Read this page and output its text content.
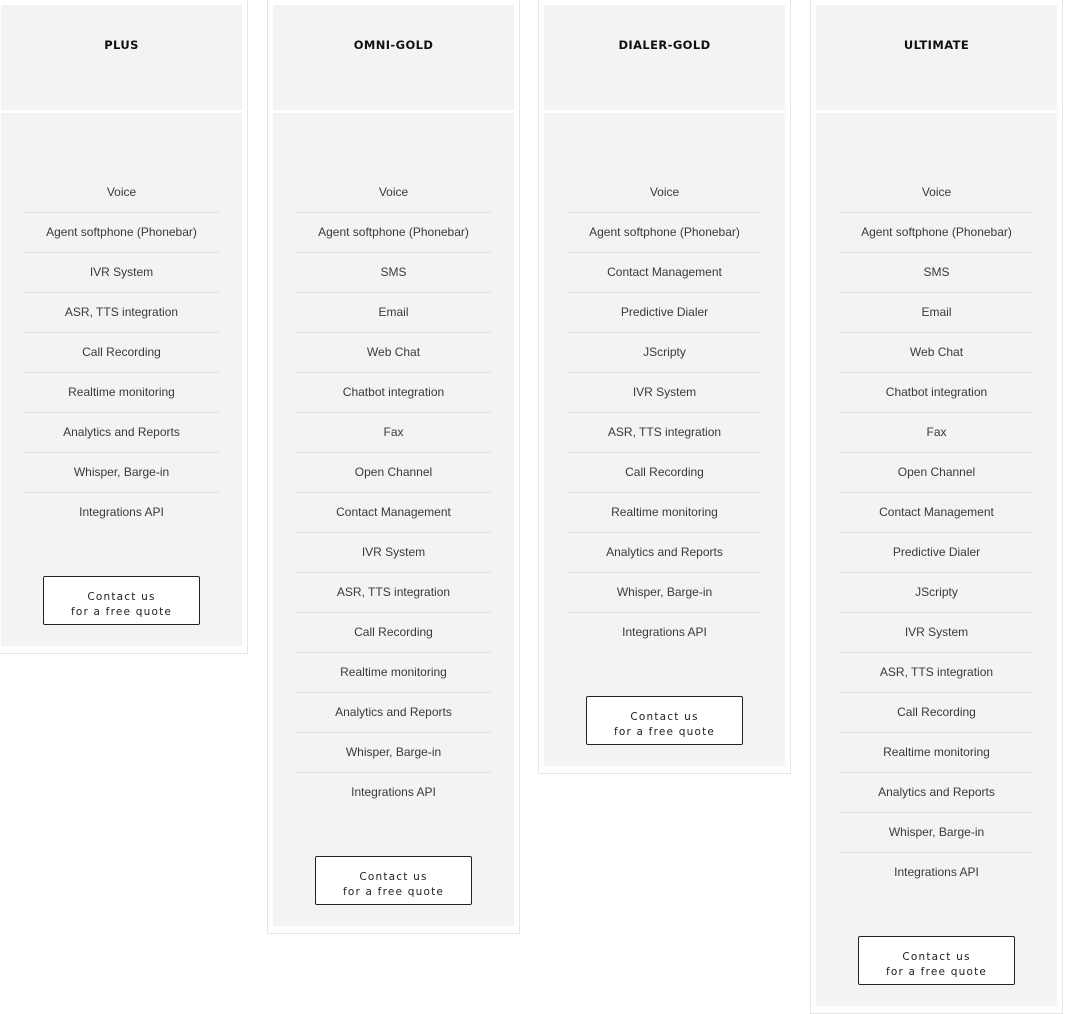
PLUS
Voice
Agent softphone (Phonebar)
IVR System
ASR, TTS integration
Call Recording
Realtime monitoring
Analytics and Reports
Whisper, Barge-in
Integrations API
Contact us
for a free quote
OMNI-GOLD
Voice
Agent softphone (Phonebar)
SMS
Email
Web Chat
Chatbot integration
Fax
Open Channel
Contact Management
IVR System
ASR, TTS integration
Call Recording
Realtime monitoring
Analytics and Reports
Whisper, Barge-in
Integrations API
Contact us
for a free quote
DIALER-GOLD
Voice
Agent softphone (Phonebar)
Contact Management
Predictive Dialer
JScripty
IVR System
ASR, TTS integration
Call Recording
Realtime monitoring
Analytics and Reports
Whisper, Barge-in
Integrations API
Contact us
for a free quote
ULTIMATE
Voice
Agent softphone (Phonebar)
SMS
Email
Web Chat
Chatbot integration
Fax
Open Channel
Contact Management
Predictive Dialer
JScripty
IVR System
ASR, TTS integration
Call Recording
Realtime monitoring
Analytics and Reports
Whisper, Barge-in
Integrations API
Contact us
for a free quote
